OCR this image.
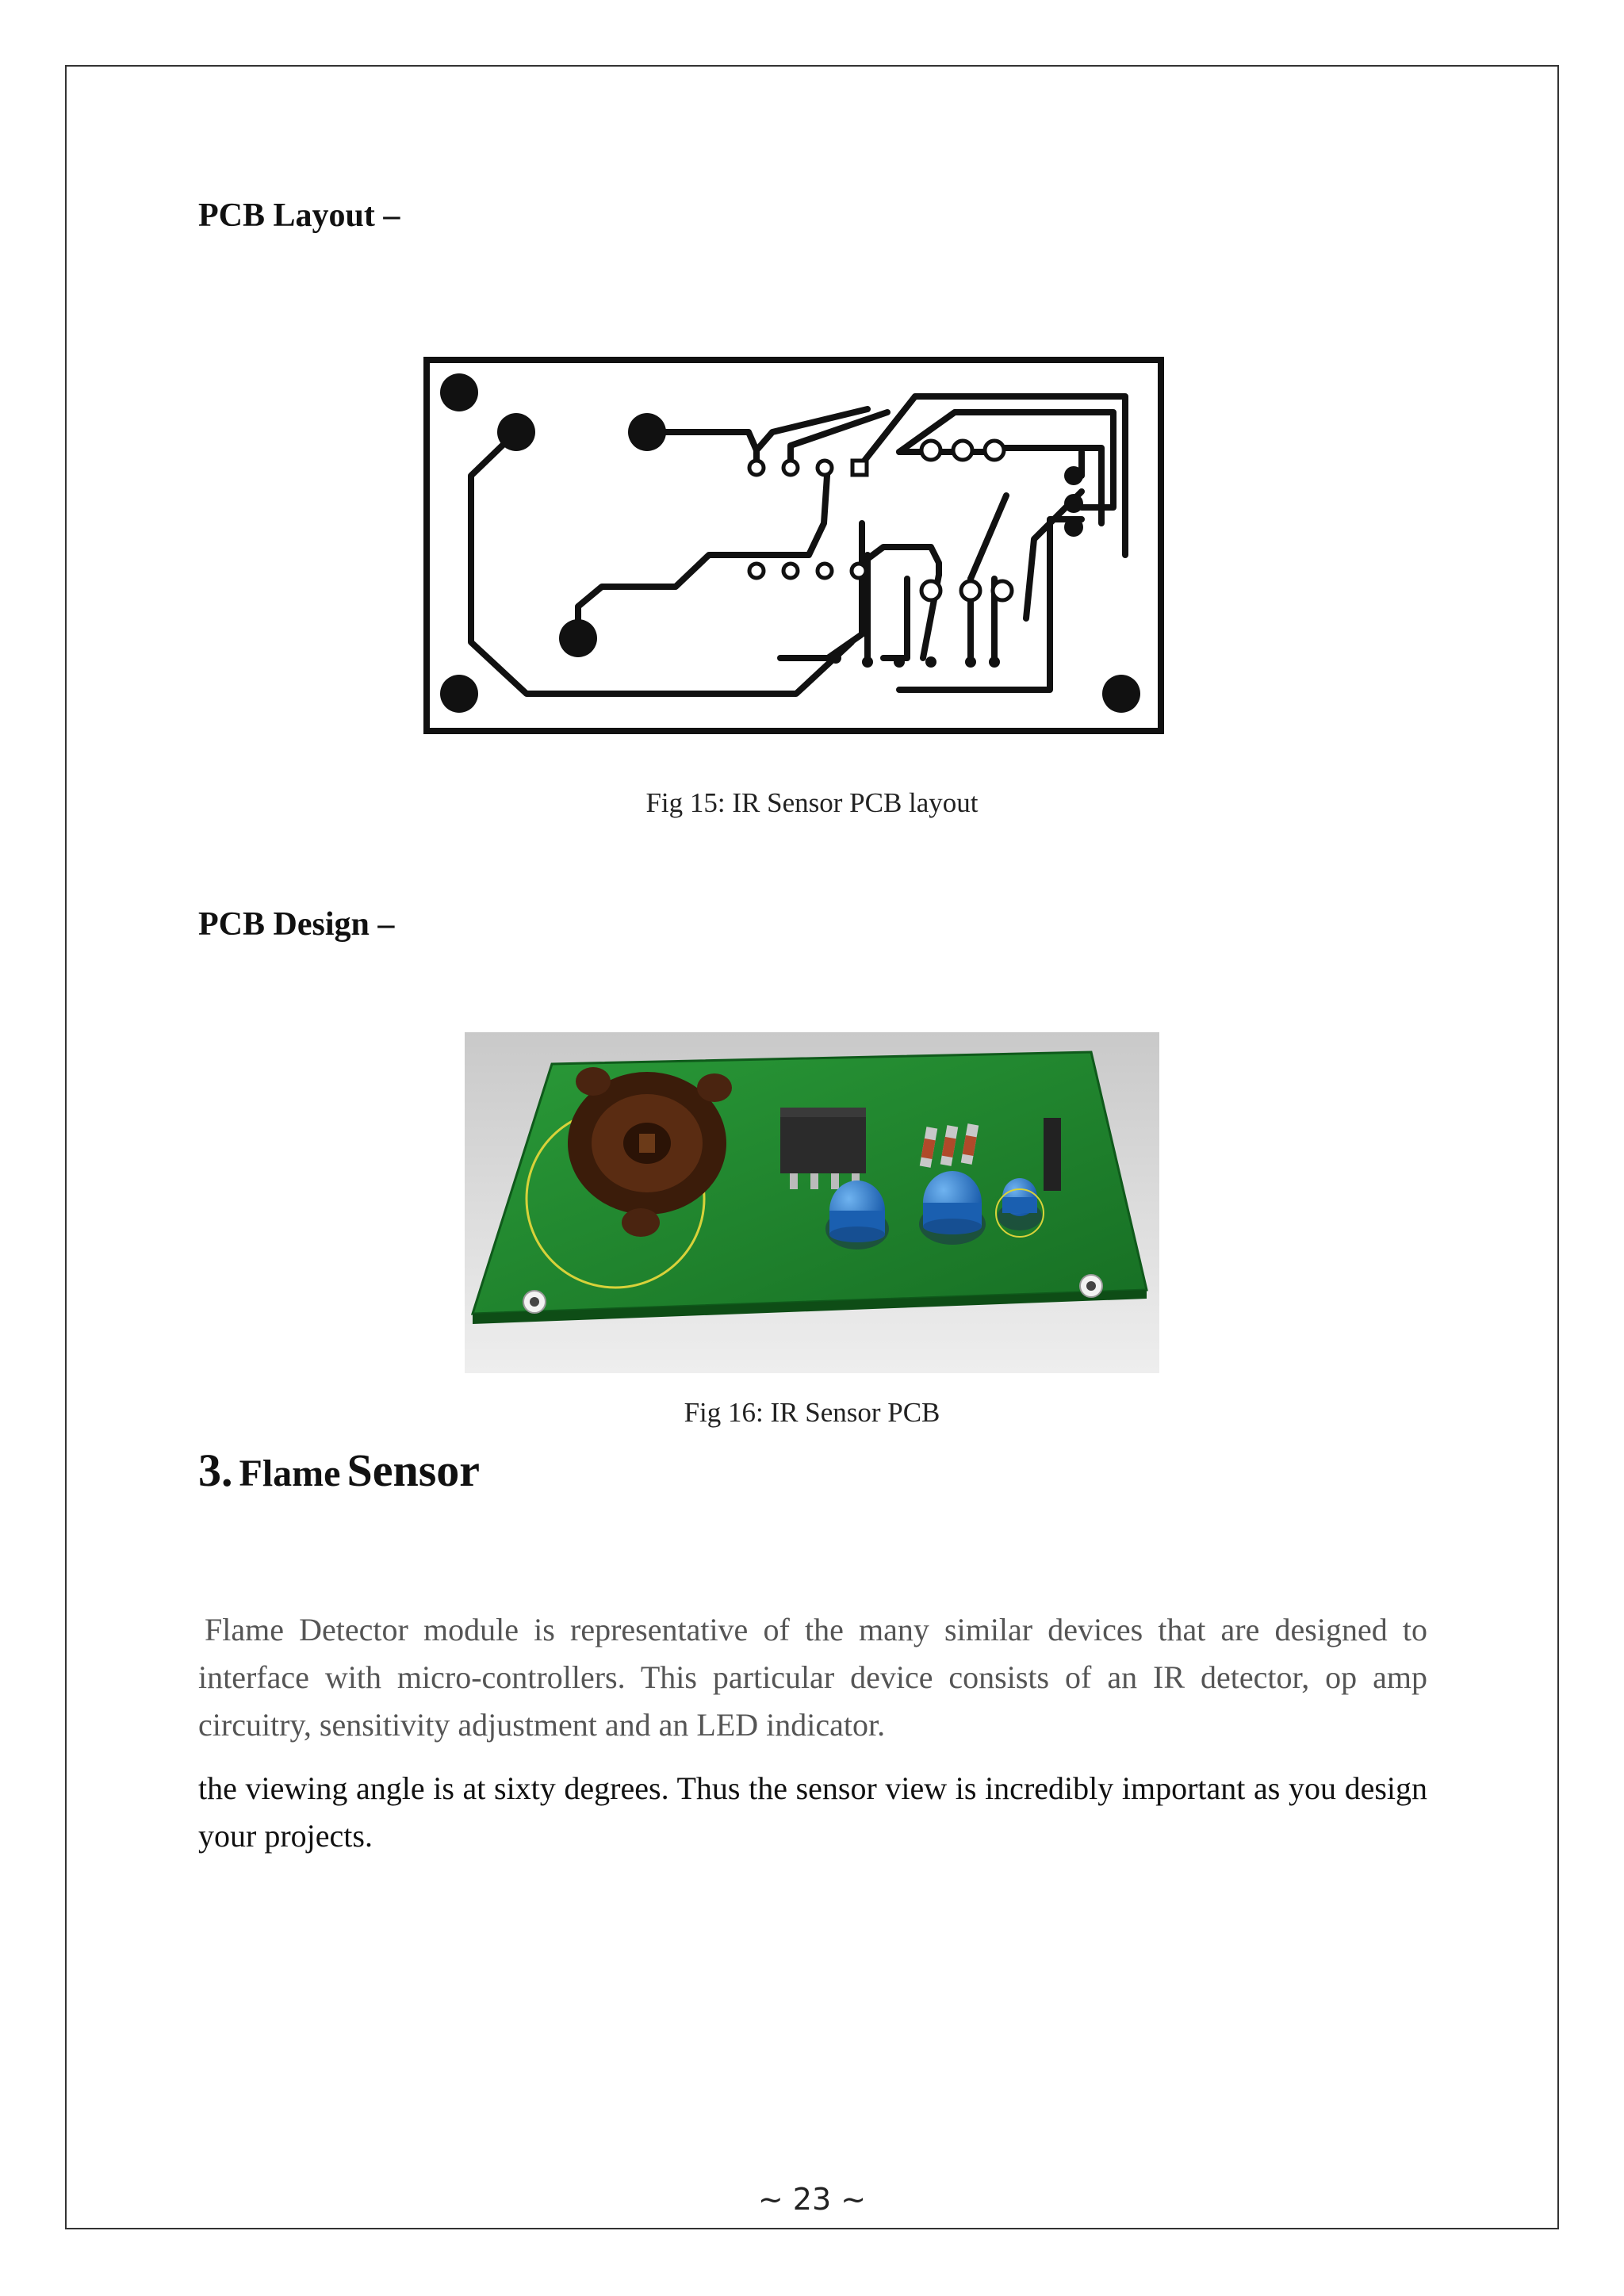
PCB Layout –
Fig 15: IR Sensor PCB layout
PCB Design –
Fig 16: IR Sensor PCB
3. Flame Sensor

Flame Detector module is representative of the many similar devices that are designed to interface with micro-controllers. This particular device consists of an IR detector, op amp circuitry, sensitivity adjustment and an LED indicator.

the viewing angle is at sixty degrees. Thus the sensor view is incredibly important as you design your projects.

~ 23 ~
